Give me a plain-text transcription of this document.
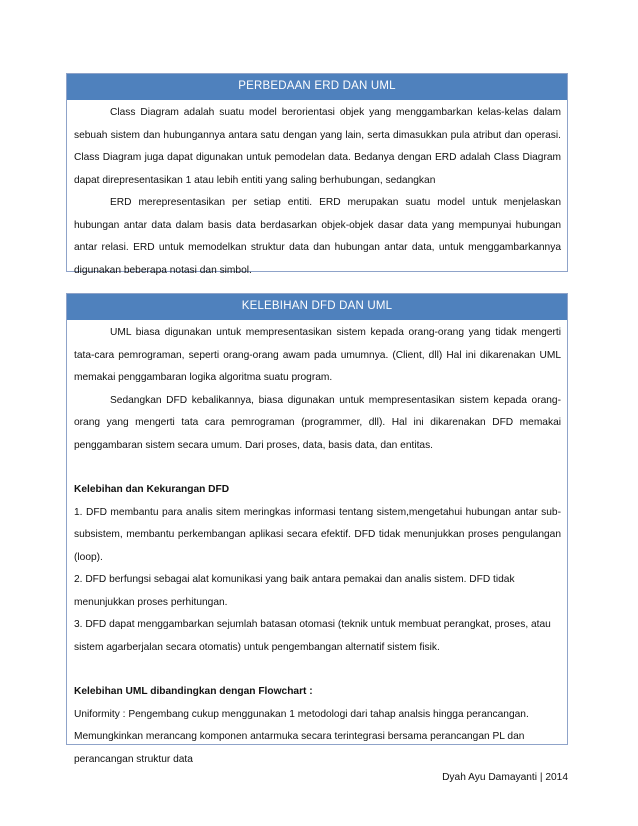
PERBEDAAN ERD DAN UML

Class Diagram adalah suatu model berorientasi objek yang menggambarkan kelas-kelas dalam sebuah sistem dan hubungannya antara satu dengan yang lain, serta dimasukkan pula atribut dan operasi. Class Diagram juga dapat digunakan untuk pemodelan data. Bedanya dengan ERD adalah Class Diagram dapat direpresentasikan 1 atau lebih entiti yang saling berhubungan, sedangkan

ERD merepresentasikan per setiap entiti. ERD merupakan suatu model untuk menjelaskan hubungan antar data dalam basis data berdasarkan objek-objek dasar data yang mempunyai hubungan antar relasi. ERD untuk memodelkan struktur data dan hubungan antar data, untuk menggambarkannya digunakan beberapa notasi dan simbol.

KELEBIHAN DFD DAN UML

UML biasa digunakan untuk mempresentasikan sistem kepada orang-orang yang tidak mengerti tata-cara pemrograman, seperti orang-orang awam pada umumnya. (Client, dll) Hal ini dikarenakan UML memakai penggambaran logika algoritma suatu program.

Sedangkan DFD kebalikannya, biasa digunakan untuk mempresentasikan sistem kepada orang-orang yang mengerti tata cara pemrograman (programmer, dll). Hal ini dikarenakan DFD memakai penggambaran sistem secara umum. Dari proses, data, basis data, dan entitas.

Kelebihan dan Kekurangan DFD

1. DFD membantu para analis sitem meringkas informasi tentang sistem,mengetahui hubungan antar sub-subsistem, membantu perkembangan aplikasi secara efektif. DFD tidak menunjukkan proses pengulangan (loop).

2. DFD berfungsi sebagai alat komunikasi yang baik antara pemakai dan analis sistem. DFD tidak menunjukkan proses perhitungan.

3. DFD dapat menggambarkan sejumlah batasan otomasi (teknik untuk membuat perangkat, proses, atau sistem agarberjalan secara otomatis) untuk pengembangan alternatif sistem fisik.

Kelebihan UML dibandingkan dengan Flowchart :

Uniformity : Pengembang cukup menggunakan 1 metodologi dari tahap analsis hingga perancangan.

Memungkinkan merancang komponen antarmuka secara terintegrasi bersama perancangan PL dan perancangan struktur data

Dyah Ayu Damayanti | 2014
